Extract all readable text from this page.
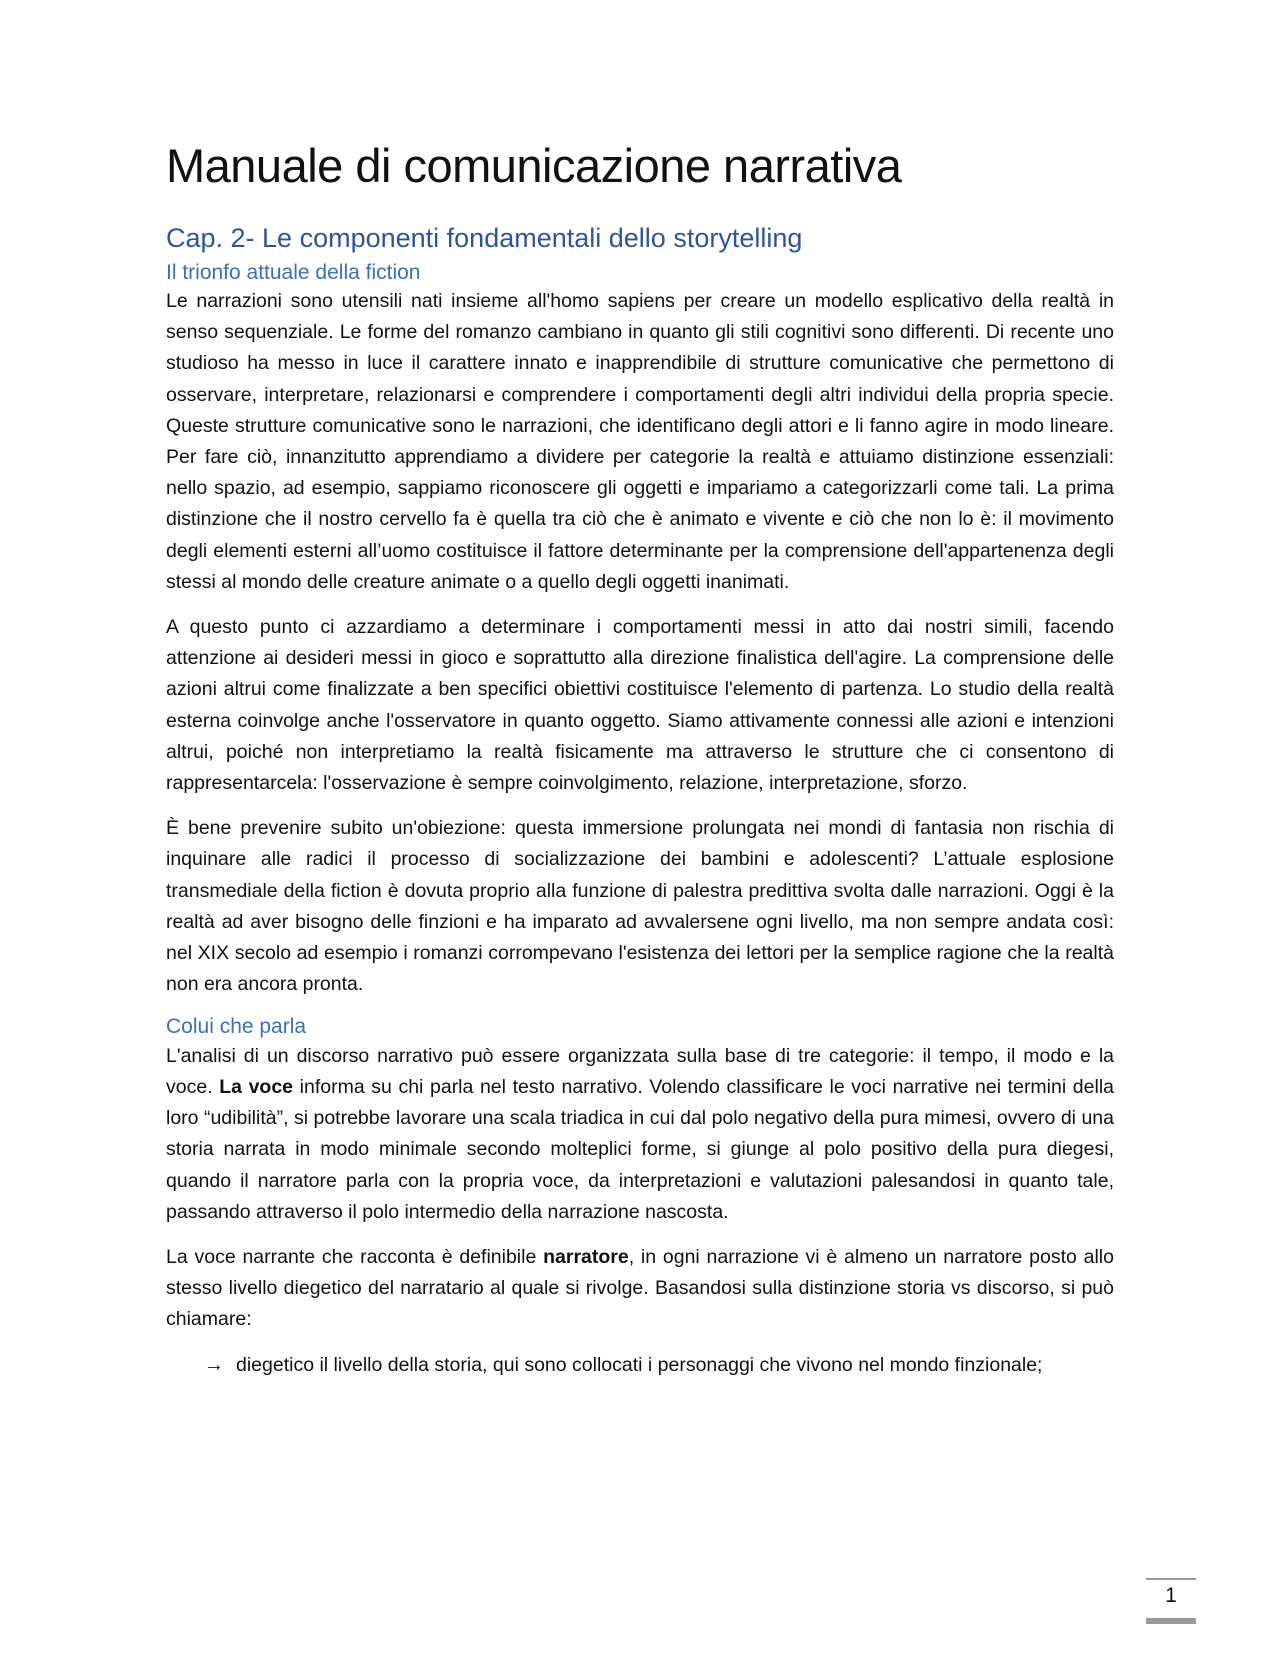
Manuale di comunicazione narrativa
Cap. 2- Le componenti fondamentali dello storytelling
Il trionfo attuale della fiction

Le narrazioni sono utensili nati insieme all'homo sapiens per creare un modello esplicativo della realtà in senso sequenziale. Le forme del romanzo cambiano in quanto gli stili cognitivi sono differenti. Di recente uno studioso ha messo in luce il carattere innato e inapprendibile di strutture comunicative che permettono di osservare, interpretare, relazionarsi e comprendere i comportamenti degli altri individui della propria specie. Queste strutture comunicative sono le narrazioni, che identificano degli attori e li fanno agire in modo lineare. Per fare ciò, innanzitutto apprendiamo a dividere per categorie la realtà e attuiamo distinzione essenziali: nello spazio, ad esempio, sappiamo riconoscere gli oggetti e impariamo a categorizzarli come tali. La prima distinzione che il nostro cervello fa è quella tra ciò che è animato e vivente e ciò che non lo è: il movimento degli elementi esterni all’uomo costituisce il fattore determinante per la comprensione dell'appartenenza degli stessi al mondo delle creature animate o a quello degli oggetti inanimati.

A questo punto ci azzardiamo a determinare i comportamenti messi in atto dai nostri simili, facendo attenzione ai desideri messi in gioco e soprattutto alla direzione finalistica dell'agire. La comprensione delle azioni altrui come finalizzate a ben specifici obiettivi costituisce l'elemento di partenza. Lo studio della realtà esterna coinvolge anche l'osservatore in quanto oggetto. Siamo attivamente connessi alle azioni e intenzioni altrui, poiché non interpretiamo la realtà fisicamente ma attraverso le strutture che ci consentono di rappresentarcela: l'osservazione è sempre coinvolgimento, relazione, interpretazione, sforzo.

È bene prevenire subito un'obiezione: questa immersione prolungata nei mondi di fantasia non rischia di inquinare alle radici il processo di socializzazione dei bambini e adolescenti? L’attuale esplosione transmediale della fiction è dovuta proprio alla funzione di palestra predittiva svolta dalle narrazioni. Oggi è la realtà ad aver bisogno delle finzioni e ha imparato ad avvalersene ogni livello, ma non sempre andata così: nel XIX secolo ad esempio i romanzi corrompevano l'esistenza dei lettori per la semplice ragione che la realtà non era ancora pronta.

Colui che parla

L'analisi di un discorso narrativo può essere organizzata sulla base di tre categorie: il tempo, il modo e la voce. La voce informa su chi parla nel testo narrativo. Volendo classificare le voci narrative nei termini della loro “udibilità”, si potrebbe lavorare una scala triadica in cui dal polo negativo della pura mimesi, ovvero di una storia narrata in modo minimale secondo molteplici forme, si giunge al polo positivo della pura diegesi, quando il narratore parla con la propria voce, da interpretazioni e valutazioni palesandosi in quanto tale, passando attraverso il polo intermedio della narrazione nascosta.

La voce narrante che racconta è definibile narratore, in ogni narrazione vi è almeno un narratore posto allo stesso livello diegetico del narratario al quale si rivolge. Basandosi sulla distinzione storia vs discorso, si può chiamare:

→ diegetico il livello della storia, qui sono collocati i personaggi che vivono nel mondo finzionale;
1
